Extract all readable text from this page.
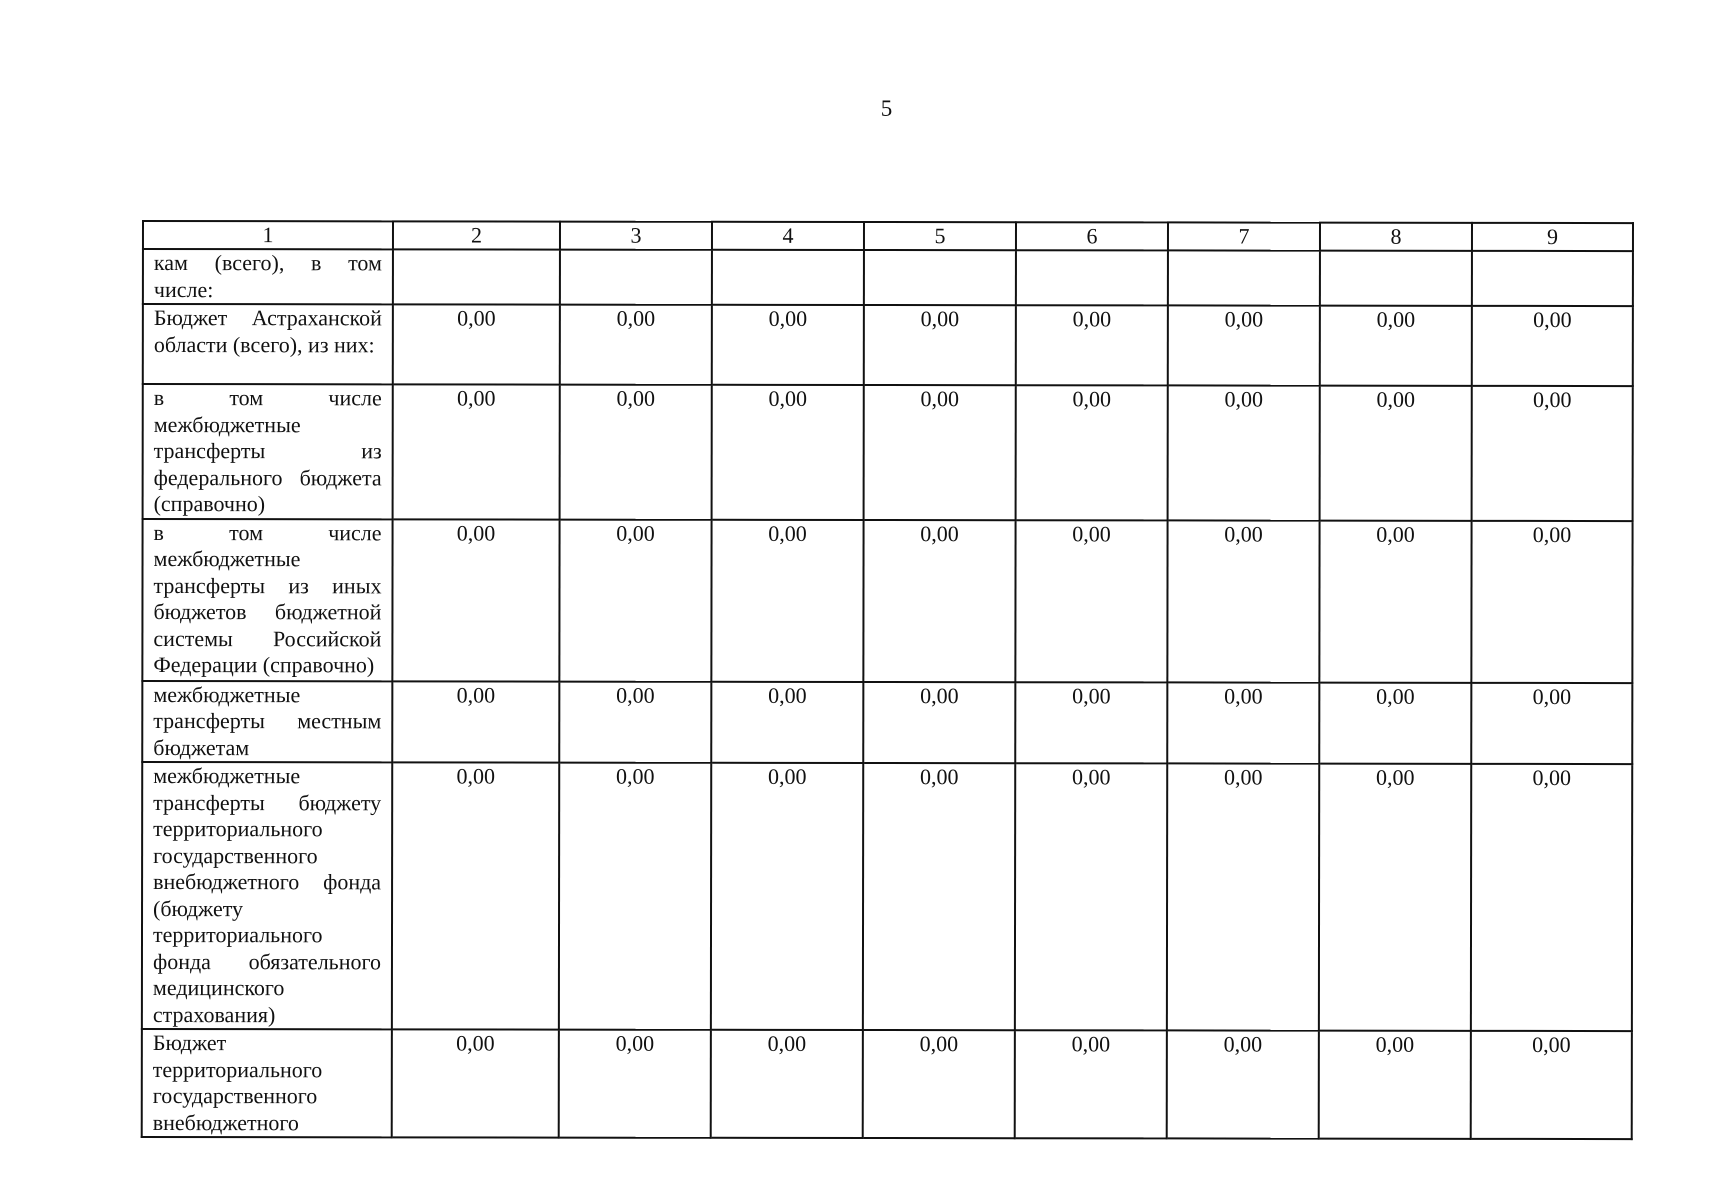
5
1	2	3	4	5	6	7	8	9
кам (всего), в том числе:								
Бюджет Астраханской области (всего), из них:	0,00	0,00	0,00	0,00	0,00	0,00	0,00	0,00
в том числе межбюджетные трансферты из федерального бюджета (справочно)	0,00	0,00	0,00	0,00	0,00	0,00	0,00	0,00
в том числе межбюджетные трансферты из иных бюджетов бюджетной системы Российской Федерации (справочно)	0,00	0,00	0,00	0,00	0,00	0,00	0,00	0,00
межбюджетные трансферты местным бюджетам	0,00	0,00	0,00	0,00	0,00	0,00	0,00	0,00
межбюджетные трансферты бюджету территориального государственного внебюджетного фонда (бюджету территориального фонда обязательного медицинского страхования)	0,00	0,00	0,00	0,00	0,00	0,00	0,00	0,00
Бюджет территориального государственного внебюджетного	0,00	0,00	0,00	0,00	0,00	0,00	0,00	0,00
